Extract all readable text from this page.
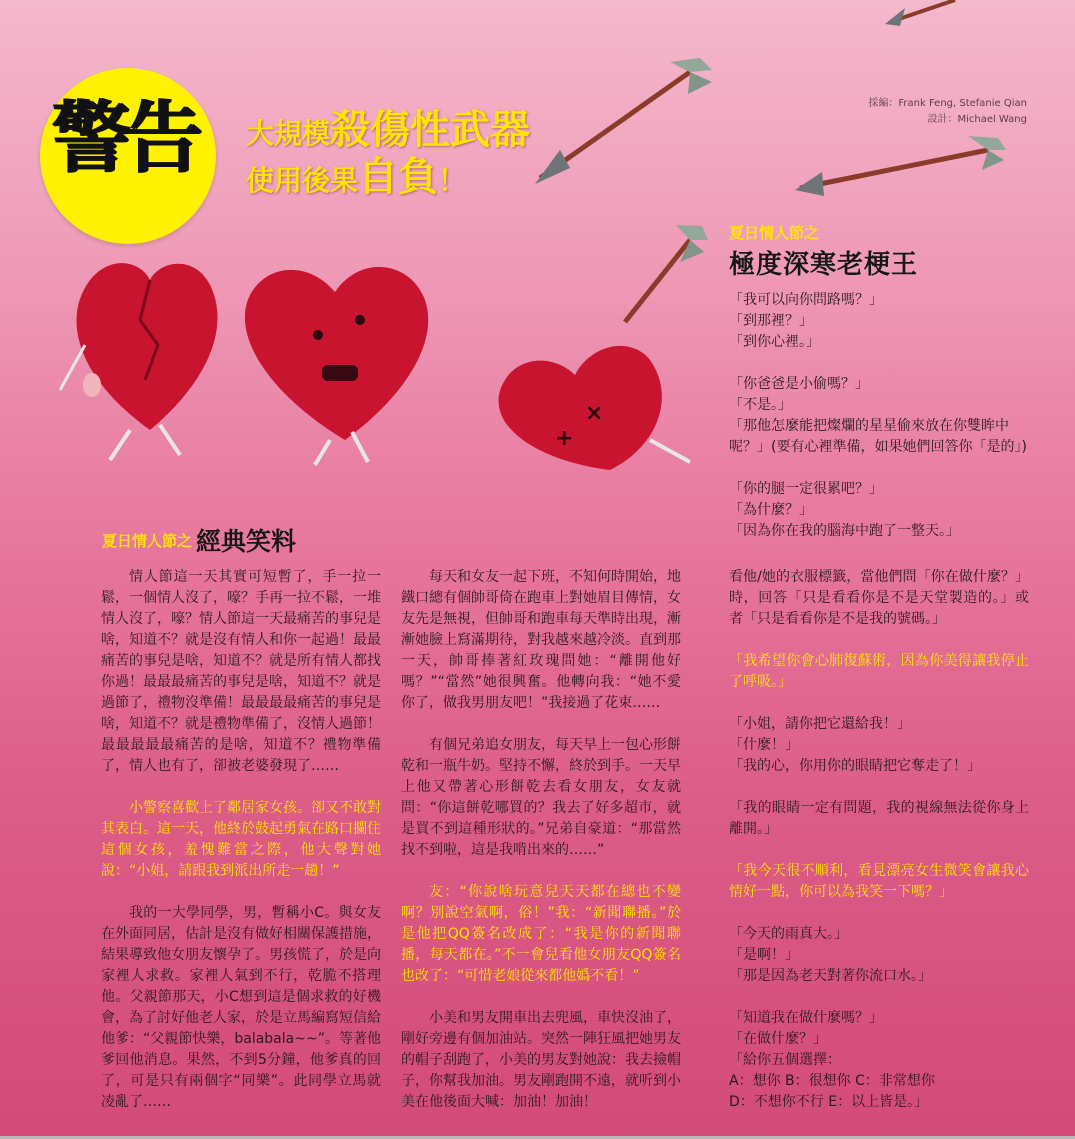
×
+
警告	大規模殺傷性武器
使用後果自負！
採編：Frank Feng, Stefanie Qian
設計：Michael Wang
夏日情人節之
極度深寒老梗王

「我可以向你問路嗎？」
「到那裡？」
「到你心裡。」

「你爸爸是小偷嗎？」
「不是。」
「那他怎麼能把燦爛的星星偷來放在你雙眸中呢？」(要有心裡準備，如果她們回答你「是的」)

「你的腿一定很累吧？」
「為什麼？」
「因為你在我的腦海中跑了一整天。」

夏日情人節之 經典笑料

情人節這一天其實可短暫了，手一拉一鬆，一個情人沒了，嚎？手再一拉不鬆，一堆情人沒了，嚎？情人節這一天最痛苦的事兒是啥，知道不？就是沒有情人和你一起過！最最痛苦的事兒是啥，知道不？就是所有情人都找你過！最最最痛苦的事兒是啥，知道不？就是過節了，禮物沒準備！最最最最痛苦的事兒是啥，知道不？就是禮物準備了，沒情人過節！最最最最最痛苦的是啥，知道不？禮物準備了，情人也有了，卻被老婆發現了……

小警察喜歡上了鄰居家女孩。卻又不敢對其表白。這一天，他終於鼓起勇氣在路口攔住這個女孩，羞愧難當之際，他大聲對她說：“小姐，請跟我到派出所走一趟！”

我的一大學同學，男，暫稱小C。與女友在外面同居，估計是沒有做好相關保護措施，結果導致他女朋友懷孕了。男孩慌了，於是向家裡人求救。家裡人氣到不行，乾脆不搭理他。父親節那天，小C想到這是個求救的好機會，為了討好他老人家，於是立馬編寫短信給他爹：“父親節快樂，balabala~~”。等著他爹回他消息。果然，不到5分鐘，他爹真的回了，可是只有兩個字“同樂”。此同學立馬就凌亂了……

每天和女友一起下班，不知何時開始，地鐵口總有個帥哥倚在跑車上對她眉目傳情，女友先是無視，但帥哥和跑車每天準時出現，漸漸她臉上寫滿期待，對我越來越冷淡。直到那一天，帥哥捧著紅玫瑰問她：“離開他好嗎？”“當然”她很興奮。他轉向我：“她不愛你了，做我男朋友吧！”我接過了花束……

有個兄弟追女朋友，每天早上一包心形餅乾和一瓶牛奶。堅持不懈，終於到手。一天早上他又帶著心形餅乾去看女朋友，女友就問：“你這餅乾哪買的？我去了好多超市，就是買不到這種形狀的。”兄弟自豪道：“那當然找不到啦，這是我啃出來的……”

友：“你說啥玩意兒天天都在總也不變啊？別說空氣啊，俗！”我：“新聞聯播。”於是他把QQ簽名改成了：“我是你的新聞聯播，每天都在。”不一會兒看他女朋友QQ簽名也改了：“可惜老娘從來都他嬀不看！”

小美和男友開車出去兜風，車快沒油了，剛好旁邊有個加油站。突然一陣狂風把她男友的帽子刮跑了，小美的男友對她說：我去撿帽子，你幫我加油。男友剛跑開不遠，就听到小美在他後面大喊：加油！加油！

看他/她的衣服標籤，當他們問「你在做什麼？」時，回答「只是看看你是不是天堂製造的。」或者「只是看看你是不是我的號碼。」

「我希望你會心肺復蘇術，因為你美得讓我停止了呼吸。」

「小姐，請你把它還給我！」
「什麼！」
「我的心，你用你的眼睛把它奪走了！」

「我的眼睛一定有問題，我的視線無法從你身上離開。」

「我今天很不順利，看見漂亮女生微笑會讓我心情好一點，你可以為我笑一下嗎？」

「今天的雨真大。」
「是啊！」
「那是因為老天對著你流口水。」

「知道我在做什麼嗎？」
「在做什麼？」
「給你五個選擇：
A：想你 B：很想你 C：非常想你
D：不想你不行 E：以上皆是。」
